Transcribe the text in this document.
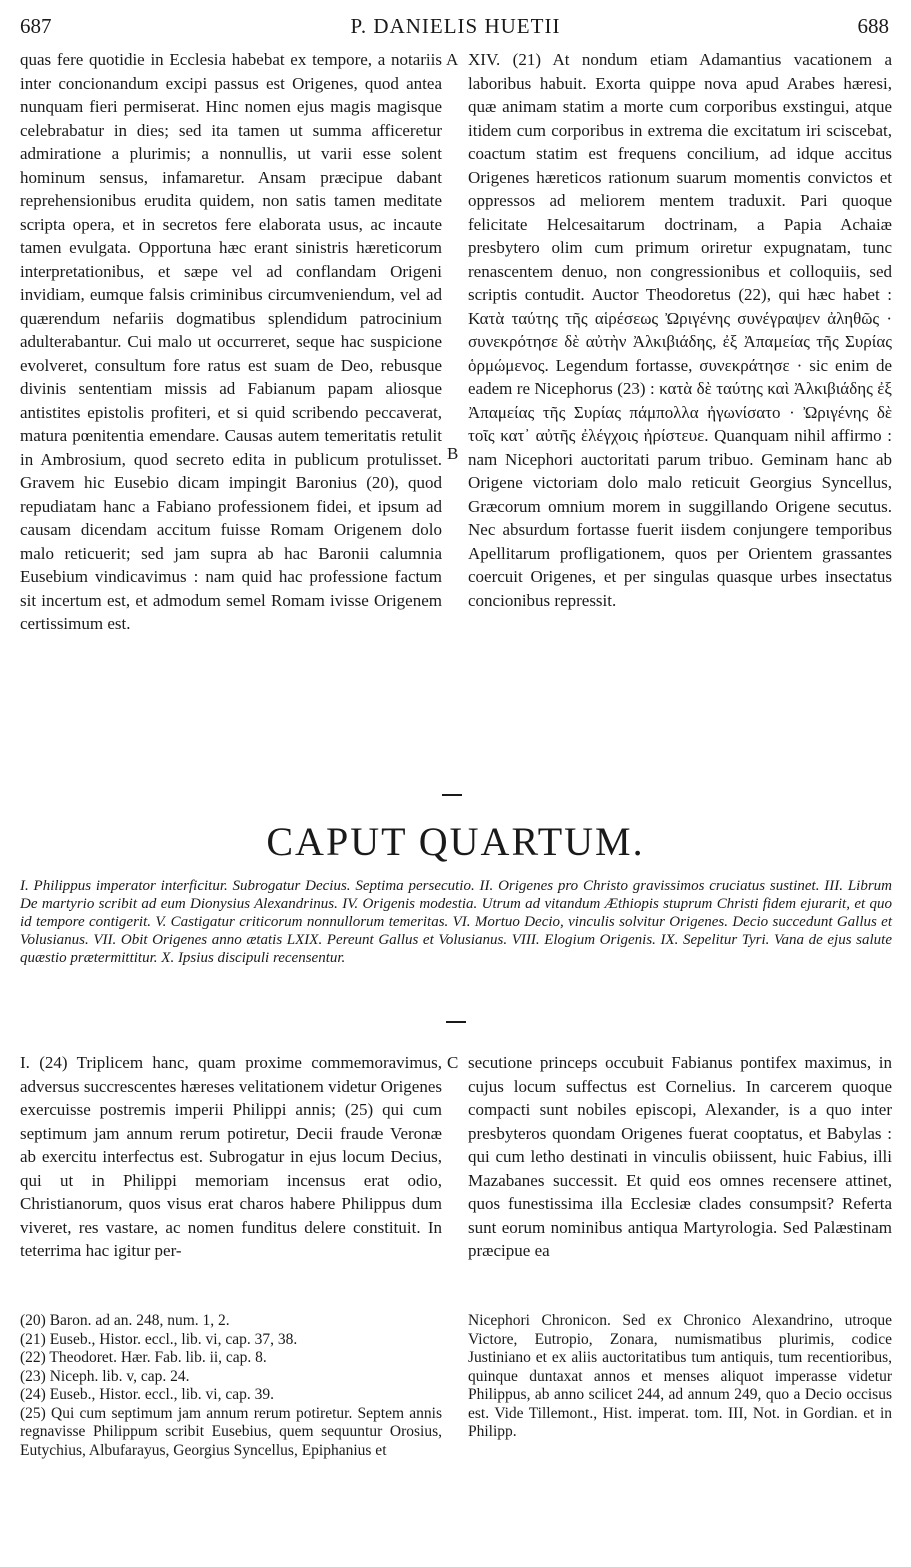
687	P. DANIELIS HUETII	688

quas fere quotidie in Ecclesia habebat ex tempore, a notariis inter concionandum excipi passus est Origenes, quod antea nunquam fieri permiserat. Hinc nomen ejus magis magisque celebrabatur in dies; sed ita tamen ut summa afficeretur admiratione a plurimis; a nonnullis, ut varii esse solent hominum sensus, infamaretur. Ansam præcipue dabant reprehensionibus erudita quidem, non satis tamen meditate scripta opera, et in secretos fere elaborata usus, ac incaute tamen evulgata. Opportuna hæc erant sinistris hæreticorum interpretationibus, et sæpe vel ad conflandam Origeni invidiam, eumque falsis criminibus circumveniendum, vel ad quærendum nefariis dogmatibus splendidum patrocinium adulterabantur. Cui malo ut occurreret, seque hac suspicione evolveret, consultum fore ratus est suam de Deo, rebusque divinis sententiam missis ad Fabianum papam aliosque antistites epistolis profiteri, et si quid scribendo peccaverat, matura pœnitentia emendare. Causas autem temeritatis retulit in Ambrosium, quod secreto edita in publicum protulisset. Gravem hic Eusebio dicam impingit Baronius (20), quod repudiatam hanc a Fabiano professionem fidei, et ipsum ad causam dicendam accitum fuisse Romam Origenem dolo malo reticuerit; sed jam supra ab hac Baronii calumnia Eusebium vindicavimus : nam quid hac professione factum sit incertum est, et admodum semel Romam ivisse Origenem certissimum est.

A
B

XIV. (21) At nondum etiam Adamantius vacationem a laboribus habuit. Exorta quippe nova apud Arabes hæresi, quæ animam statim a morte cum corporibus exstingui, atque itidem cum corporibus in extrema die excitatum iri sciscebat, coactum statim est frequens concilium, ad idque accitus Origenes hæreticos rationum suarum momentis convictos et oppressos ad meliorem mentem traduxit. Pari quoque felicitate Helcesaitarum doctrinam, a Papia Achaiæ presbytero olim cum primum oriretur expugnatam, tunc renascentem denuo, non congressionibus et colloquiis, sed scriptis contudit. Auctor Theodoretus (22), qui hæc habet : Κατὰ ταύτης τῆς αἱρέσεως Ὠριγένης συνέγραψεν ἀληθῶς · συνεκρότησε δὲ αὐτὴν Ἀλκιβιάδης, ἐξ Ἀπαμείας τῆς Συρίας ὁρμώμενος. Legendum fortasse, συνεκράτησε · sic enim de eadem re Nicephorus (23) : κατὰ δὲ ταύτης καὶ Ἀλκιβιάδης ἐξ Ἀπαμείας τῆς Συρίας πάμπολλα ἠγωνίσατο · Ὠριγένης δὲ τοῖς κατ᾽ αὐτῆς ἐλέγχοις ἠρίστευε. Quanquam nihil affirmo : nam Nicephori auctoritati parum tribuo. Geminam hanc ab Origene victoriam dolo malo reticuit Georgius Syncellus, Græcorum omnium morem in suggillando Origene secutus. Nec absurdum fortasse fuerit iisdem conjungere temporibus Apellitarum profligationem, quos per Orientem grassantes coercuit Origenes, et per singulas quasque urbes insectatus concionibus repressit.

CAPUT QUARTUM.
I. Philippus imperator interficitur. Subrogatur Decius. Septima persecutio. II. Origenes pro Christo gravissimos cruciatus sustinet. III. Librum De martyrio scribit ad eum Dionysius Alexandrinus. IV. Origenis modestia. Utrum ad vitandum Æthiopis stuprum Christi fidem ejurarit, et quo id tempore contigerit. V. Castigatur criticorum nonnullorum temeritas. VI. Mortuo Decio, vinculis solvitur Origenes. Decio succedunt Gallus et Volusianus. VII. Obit Origenes anno ætatis LXIX. Pereunt Gallus et Volusianus. VIII. Elogium Origenis. IX. Sepelitur Tyri. Vana de ejus salute quæstio prætermittitur. X. Ipsius discipuli recensentur.

I. (24) Triplicem hanc, quam proxime commemoravimus, adversus succrescentes hæreses velitationem videtur Origenes exercuisse postremis imperii Philippi annis; (25) qui cum septimum jam annum rerum potiretur, Decii fraude Veronæ ab exercitu interfectus est. Subrogatur in ejus locum Decius, qui ut in Philippi memoriam incensus erat odio, Christianorum, quos visus erat charos habere Philippus dum viveret, res vastare, ac nomen funditus delere constituit. In teterrima hac igitur per-

C secutione princeps occubuit Fabianus pontifex maximus, in cujus locum suffectus est Cornelius. In carcerem quoque compacti sunt nobiles episcopi, Alexander, is a quo inter presbyteros quondam Origenes fuerat cooptatus, et Babylas : qui cum letho destinati in vinculis obiissent, huic Fabius, illi Mazabanes successit. Et quid eos omnes recensere attinet, quos funestissima illa Ecclesiæ clades consumpsit? Referta sunt eorum nominibus antiqua Martyrologia. Sed Palæstinam præcipue ea

(20) Baron. ad an. 248, num. 1, 2.
(21) Euseb., Histor. eccl., lib. vi, cap. 37, 38.
(22) Theodoret. Hær. Fab. lib. ii, cap. 8.
(23) Niceph. lib. v, cap. 24.
(24) Euseb., Histor. eccl., lib. vi, cap. 39.
(25) Qui cum septimum jam annum rerum potiretur. Septem annis regnavisse Philippum scribit Eusebius, quem sequuntur Orosius, Eutychius, Albufarayus, Georgius Syncellus, Epiphanius et
Nicephori Chronicon. Sed ex Chronico Alexandrino, utroque Victore, Eutropio, Zonara, numismatibus plurimis, codice Justiniano et ex aliis auctoritatibus tum antiquis, tum recentioribus, quinque duntaxat annos et menses aliquot imperasse videtur Philippus, ab anno scilicet 244, ad annum 249, quo a Decio occisus est. Vide Tillemont., Hist. imperat. tom. III, Not. in Gordian. et in Philipp.
